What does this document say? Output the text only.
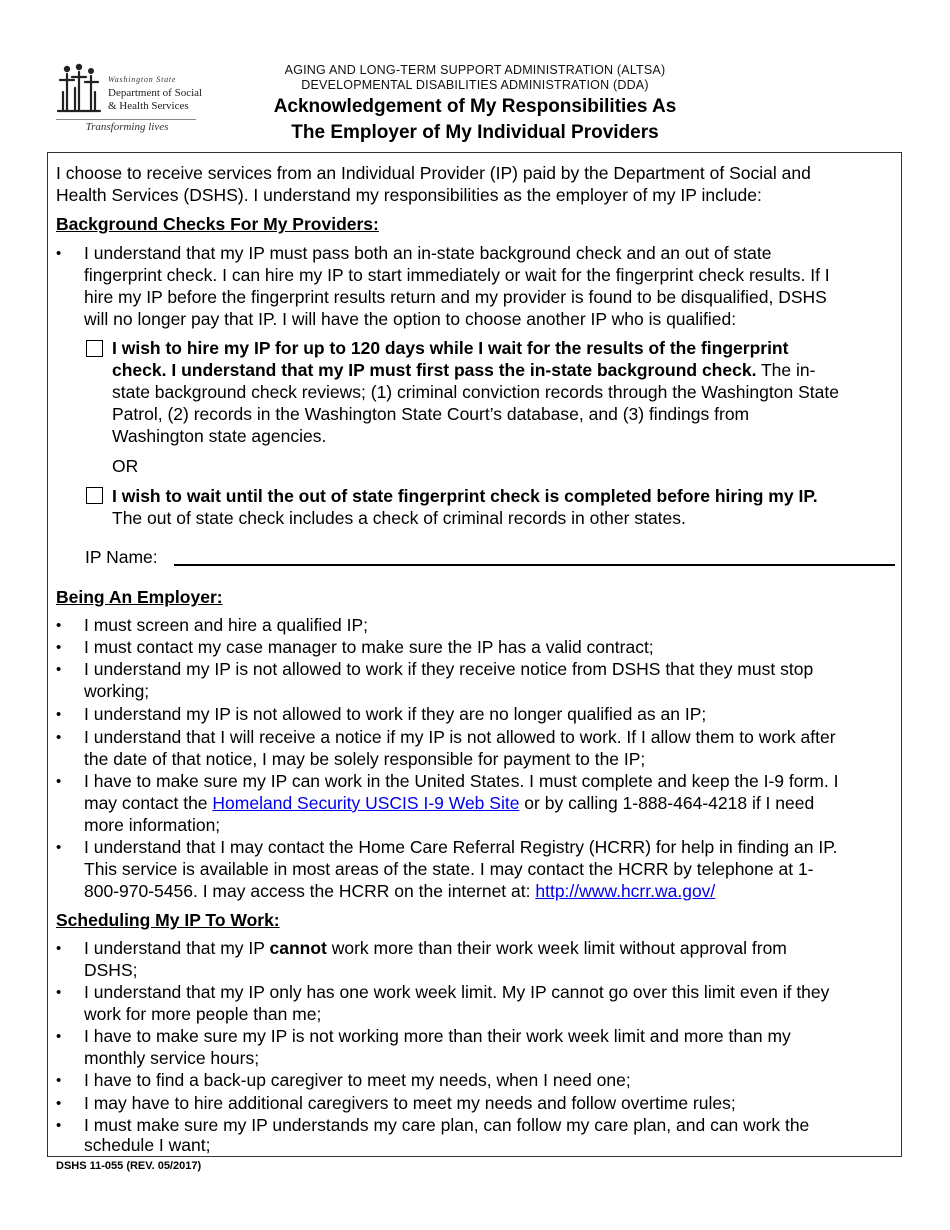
Washington State
Department of Social
& Health Services
Transforming lives
AGING AND LONG-TERM SUPPORT ADMINISTRATION (ALTSA)
DEVELOPMENTAL DISABILITIES ADMINISTRATION (DDA)
Acknowledgement of My Responsibilities As
The Employer of My Individual Providers
I choose to receive services from an Individual Provider (IP) paid by the Department of Social and
Health Services (DSHS). I understand my responsibilities as the employer of my IP include:
Background Checks For My Providers:
• I understand that my IP must pass both an in-state background check and an out of state
fingerprint check. I can hire my IP to start immediately or wait for the fingerprint check results. If I
hire my IP before the fingerprint results return and my provider is found to be disqualified, DSHS
will no longer pay that IP. I will have the option to choose another IP who is qualified:
I wish to hire my IP for up to 120 days while I wait for the results of the fingerprint
check. I understand that my IP must first pass the in-state background check. The in-
state background check reviews; (1) criminal conviction records through the Washington State
Patrol, (2) records in the Washington State Court’s database, and (3) findings from
Washington state agencies.
OR
I wish to wait until the out of state fingerprint check is completed before hiring my IP.
The out of state check includes a check of criminal records in other states.
IP Name:
Being An Employer:
• I must screen and hire a qualified IP;
• I must contact my case manager to make sure the IP has a valid contract;
• I understand my IP is not allowed to work if they receive notice from DSHS that they must stop
working;
• I understand my IP is not allowed to work if they are no longer qualified as an IP;
• I understand that I will receive a notice if my IP is not allowed to work. If I allow them to work after
the date of that notice, I may be solely responsible for payment to the IP;
• I have to make sure my IP can work in the United States. I must complete and keep the I-9 form. I
may contact the Homeland Security USCIS I-9 Web Site or by calling 1-888-464-4218 if I need
more information;
• I understand that I may contact the Home Care Referral Registry (HCRR) for help in finding an IP.
This service is available in most areas of the state. I may contact the HCRR by telephone at 1-
800-970-5456. I may access the HCRR on the internet at: http://www.hcrr.wa.gov/
Scheduling My IP To Work:
• I understand that my IP cannot work more than their work week limit without approval from
DSHS;
• I understand that my IP only has one work week limit. My IP cannot go over this limit even if they
work for more people than me;
• I have to make sure my IP is not working more than their work week limit and more than my
monthly service hours;
• I have to find a back-up caregiver to meet my needs, when I need one;
• I may have to hire additional caregivers to meet my needs and follow overtime rules;
• I must make sure my IP understands my care plan, can follow my care plan, and can work the
schedule I want;
DSHS 11-055 (REV. 05/2017)
